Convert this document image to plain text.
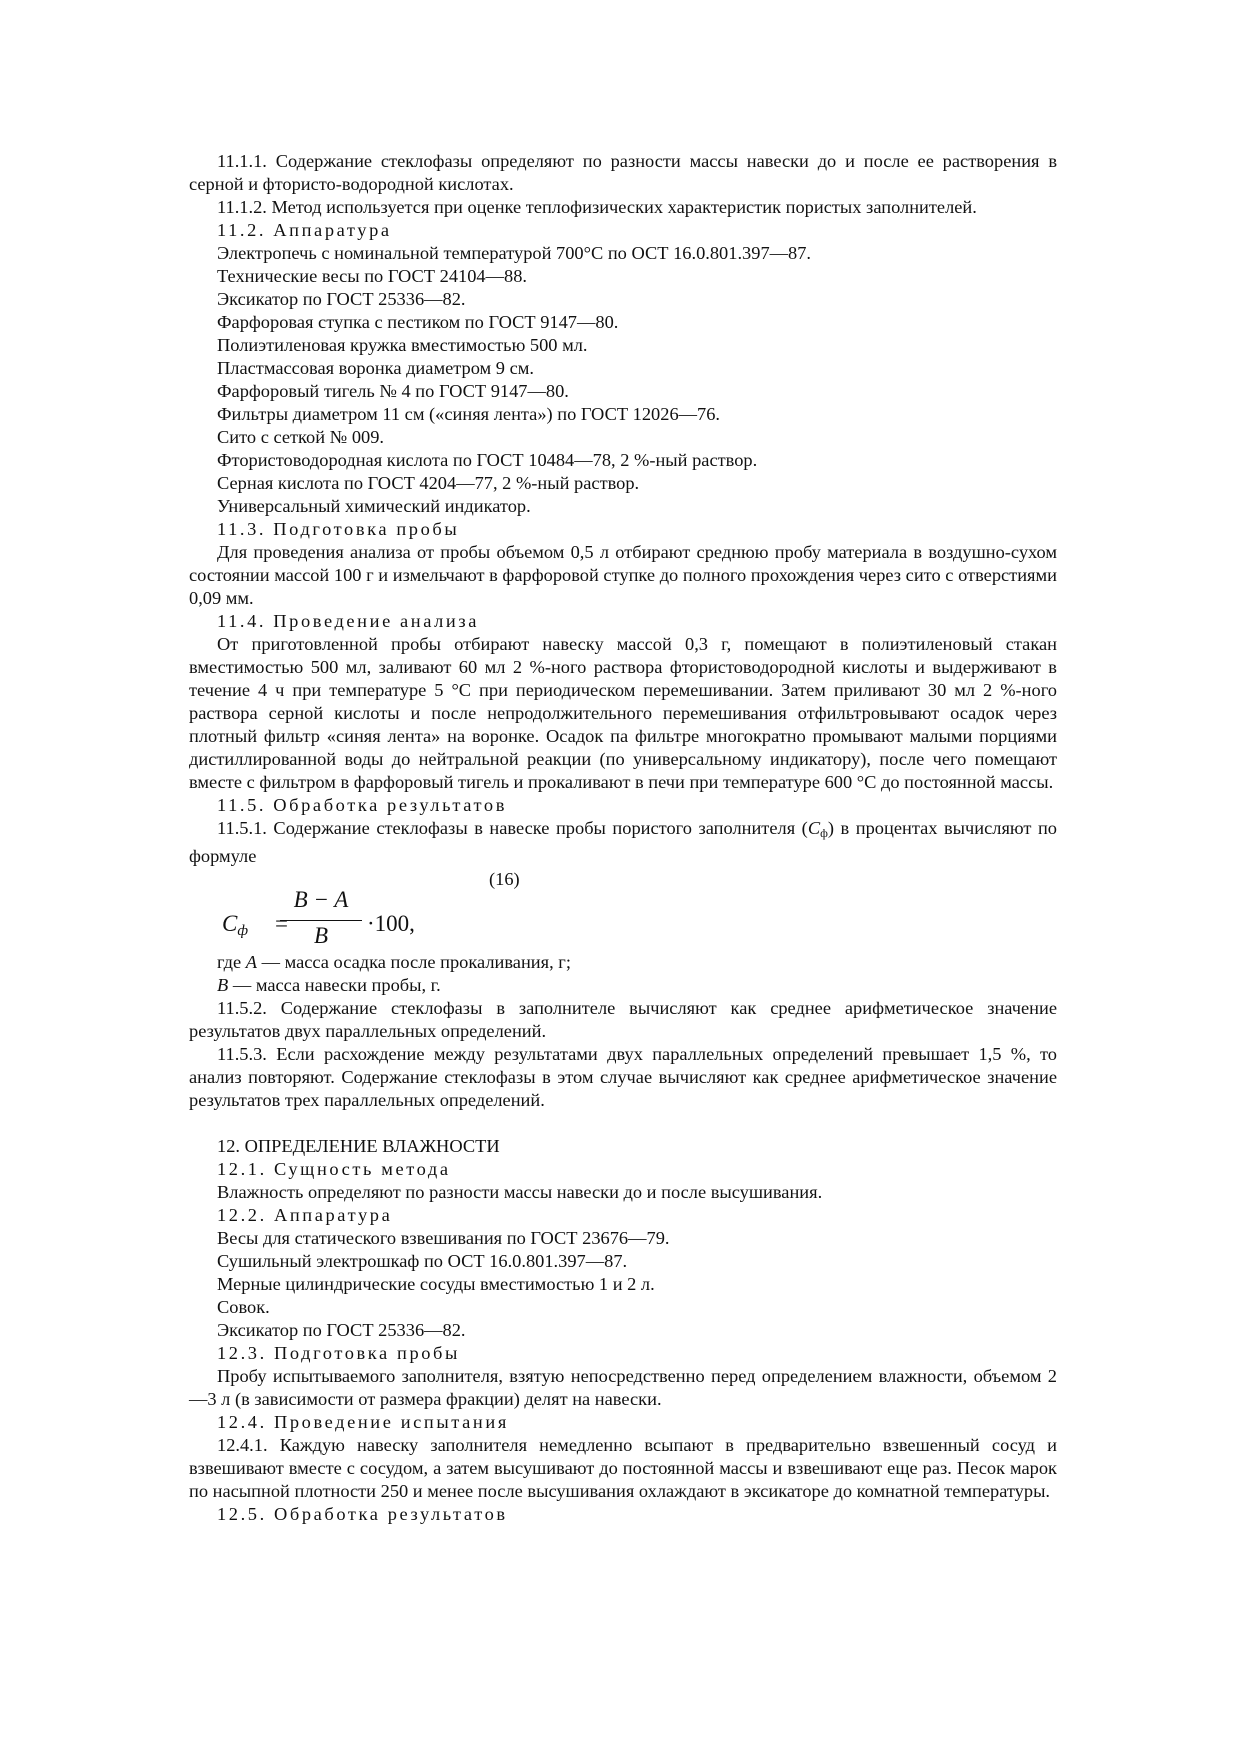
11.1.1. Содержание стеклофазы определяют по разности массы навески до и после ее растворения в серной и фтористо-водородной кислотах.

11.1.2. Метод используется при оценке теплофизических характеристик пористых заполнителей.

11.2. Аппаратура

Электропечь с номинальной температурой 700°С по ОСТ 16.0.801.397—87.

Технические весы по ГОСТ 24104—88.

Эксикатор по ГОСТ 25336—82.

Фарфоровая ступка с пестиком по ГОСТ 9147—80.

Полиэтиленовая кружка вместимостью 500 мл.

Пластмассовая воронка диаметром 9 см.

Фарфоровый тигель № 4 по ГОСТ 9147—80.

Фильтры диаметром 11 см («синяя лента») по ГОСТ 12026—76.

Сито с сеткой № 009.

Фтористоводородная кислота по ГОСТ 10484—78, 2 %-ный раствор.

Серная кислота по ГОСТ 4204—77, 2 %-ный раствор.

Универсальный химический индикатор.

11.3. Подготовка пробы

Для проведения анализа от пробы объемом 0,5 л отбирают среднюю пробу материала в воздушно-сухом состоянии массой 100 г и измельчают в фарфоровой ступке до полного прохождения через сито с отверстиями 0,09 мм.

11.4. Проведение анализа

От приготовленной пробы отбирают навеску массой 0,3 г, помещают в полиэтиленовый стакан вместимостью 500 мл, заливают 60 мл 2 %-ного раствора фтористоводородной кислоты и выдерживают в течение 4 ч при температуре 5 °С при периодическом перемешивании. Затем приливают 30 мл 2 %-ного раствора серной кислоты и после непродолжительного перемешивания отфильтровывают осадок через плотный фильтр «синяя лента» на воронке. Осадок па фильтре многократно промывают малыми порциями дистиллированной воды до нейтральной реакции (по универсальному индикатору), после чего помещают вместе с фильтром в фарфоровый тигель и прокаливают в печи при температуре 600 °С до постоянной массы.

11.5. Обработка результатов

11.5.1. Содержание стеклофазы в навеске пробы пористого заполнителя $(C_ф)$ в процентах вычисляют по формуле

(16)

$C_ф$ =
B − A
B	·100,

где А — масса осадка после прокаливания, г;

В — масса навески пробы, г.

11.5.2. Содержание стеклофазы в заполнителе вычисляют как среднее арифметическое значение результатов двух параллельных определений.

11.5.3. Если расхождение между результатами двух параллельных определений превышает 1,5 %, то анализ повторяют. Содержание стеклофазы в этом случае вычисляют как среднее арифметическое значение результатов трех параллельных определений.

12. ОПРЕДЕЛЕНИЕ ВЛАЖНОСТИ

12.1. Сущность метода

Влажность определяют по разности массы навески до и после высушивания.

12.2. Аппаратура

Весы для статического взвешивания по ГОСТ 23676—79.

Сушильный электрошкаф по ОСТ 16.0.801.397—87.

Мерные цилиндрические сосуды вместимостью 1 и 2 л.

Совок.

Эксикатор по ГОСТ 25336—82.

12.3. Подготовка пробы

Пробу испытываемого заполнителя, взятую непосредственно перед определением влажности, объемом 2—3 л (в зависимости от размера фракции) делят на навески.

12.4. Проведение испытания

12.4.1. Каждую навеску заполнителя немедленно всыпают в предварительно взвешенный сосуд и взвешивают вместе с сосудом, а затем высушивают до постоянной массы и взвешивают еще раз. Песок марок по насыпной плотности 250 и менее после высушивания охлаждают в эксикаторе до комнатной температуры.

12.5. Обработка результатов
